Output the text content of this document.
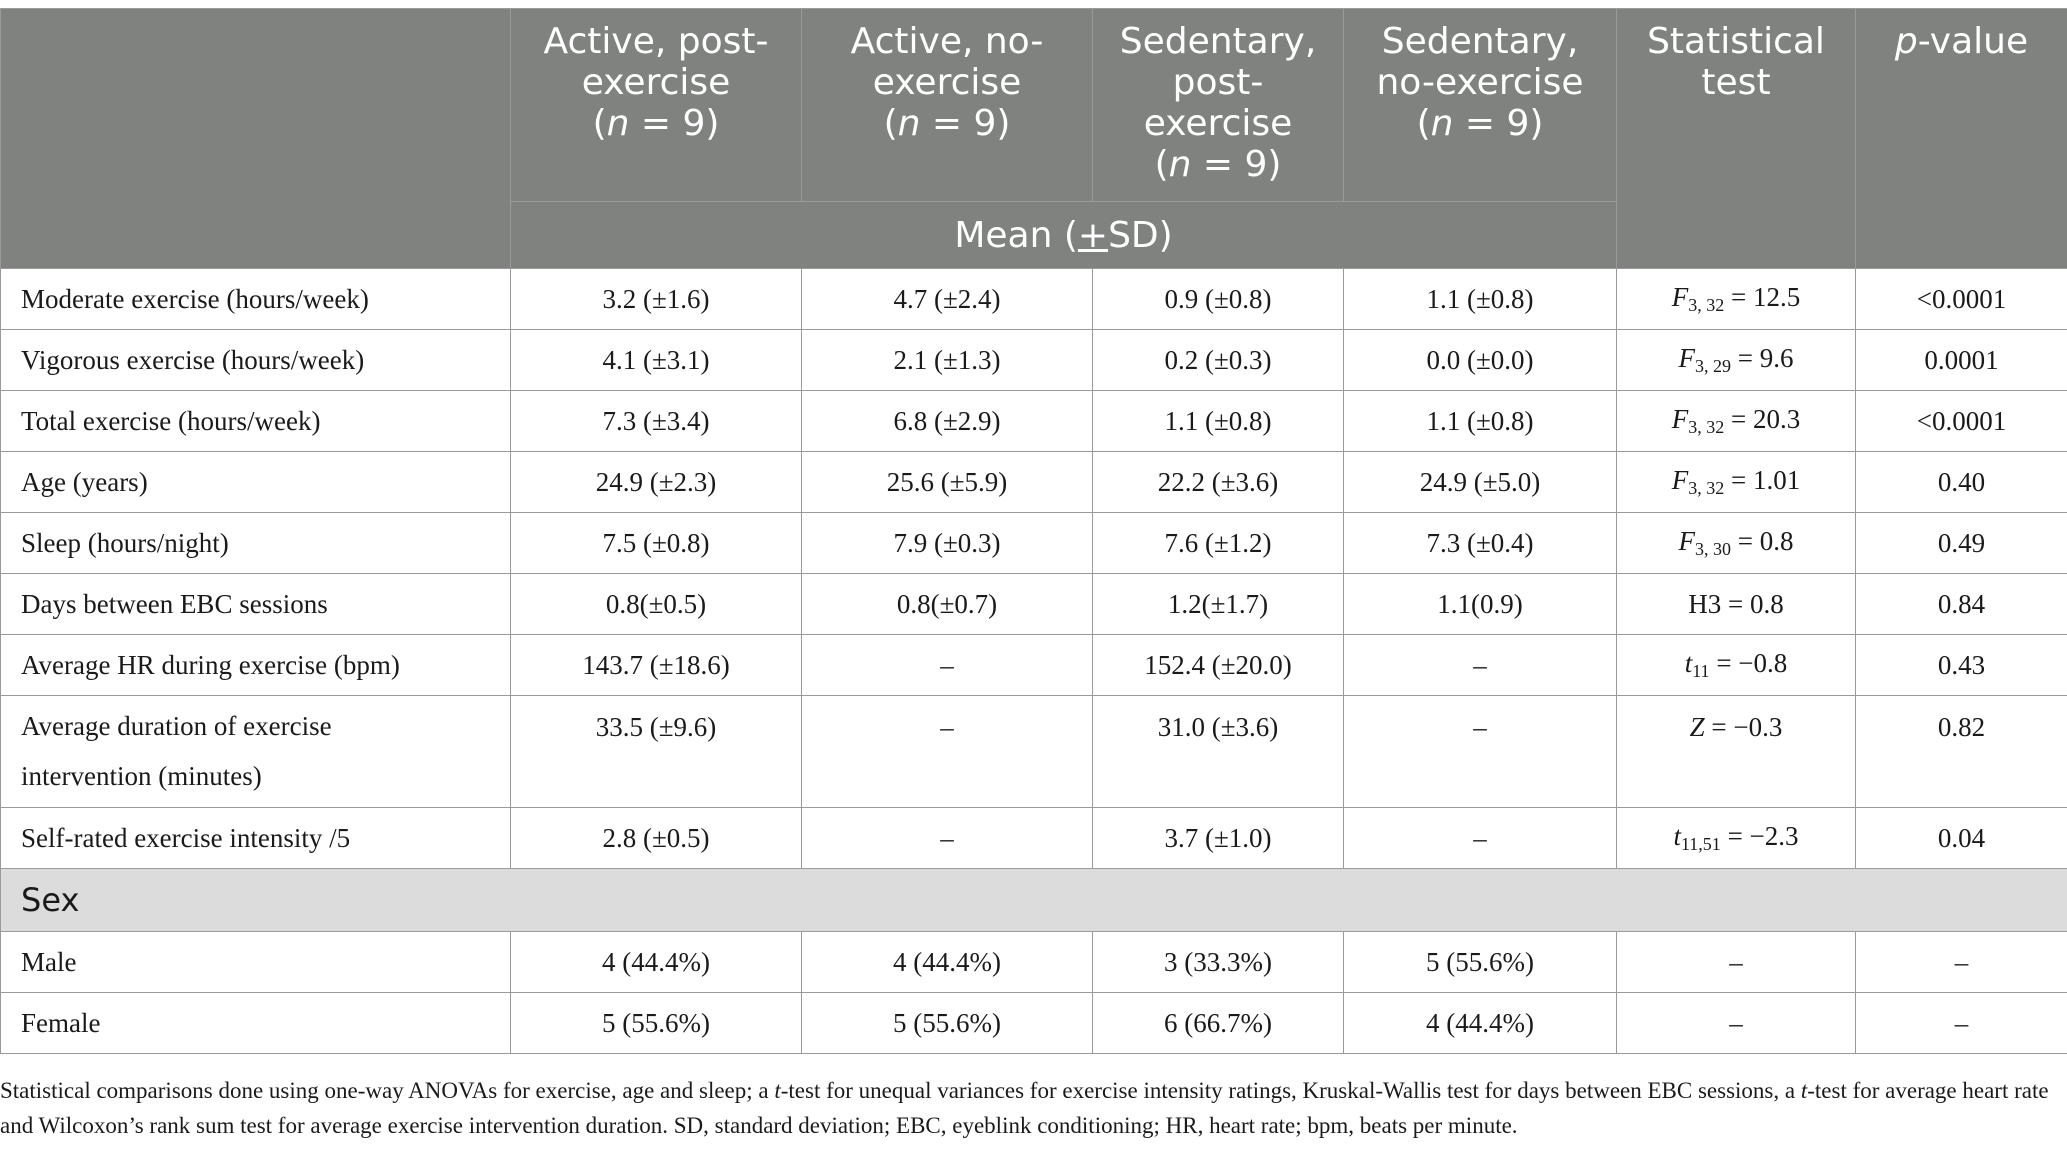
	Active, post-
exercise
(n = 9)	Active, no-
exercise
(n = 9)	Sedentary,
post-
exercise
(n = 9)	Sedentary,
no-exercise
(n = 9)	Statistical
test	p-value
	Mean (+SD)					
Moderate exercise (hours/week)	3.2 (±1.6)	4.7 (±2.4)	0.9 (±0.8)	1.1 (±0.8)	$F_{3, 32} = 12.5$	<0.0001
Vigorous exercise (hours/week)	4.1 (±3.1)	2.1 (±1.3)	0.2 (±0.3)	0.0 (±0.0)	$F_{3, 29} = 9.6$	0.0001
Total exercise (hours/week)	7.3 (±3.4)	6.8 (±2.9)	1.1 (±0.8)	1.1 (±0.8)	$F_{3, 32} = 20.3$	<0.0001
Age (years)	24.9 (±2.3)	25.6 (±5.9)	22.2 (±3.6)	24.9 (±5.0)	$F_{3, 32} = 1.01$	0.40
Sleep (hours/night)	7.5 (±0.8)	7.9 (±0.3)	7.6 (±1.2)	7.3 (±0.4)	$F_{3, 30} = 0.8$	0.49
Days between EBC sessions	0.8(±0.5)	0.8(±0.7)	1.2(±1.7)	1.1(0.9)	H3 = 0.8	0.84
Average HR during exercise (bpm)	143.7 (±18.6)	–	152.4 (±20.0)	–	$t_{11} = -0.8$	0.43
Average duration of exercise
intervention (minutes)	33.5 (±9.6)	–	31.0 (±3.6)	–	Z = −0.3	0.82
Self-rated exercise intensity /5	2.8 (±0.5)	–	3.7 (±1.0)	–	$t_{11,51} = -2.3$	0.04
Sex						
Male	4 (44.4%)	4 (44.4%)	3 (33.3%)	5 (55.6%)	–	–
Female	5 (55.6%)	5 (55.6%)	6 (66.7%)	4 (44.4%)	–	–
Statistical comparisons done using one-way ANOVAs for exercise, age and sleep; a t-test for unequal variances for exercise intensity ratings, Kruskal-Wallis test for days between EBC sessions, a t-test for average heart rate and Wilcoxon’s rank sum test for average exercise intervention duration. SD, standard deviation; EBC, eyeblink conditioning; HR, heart rate; bpm, beats per minute.
